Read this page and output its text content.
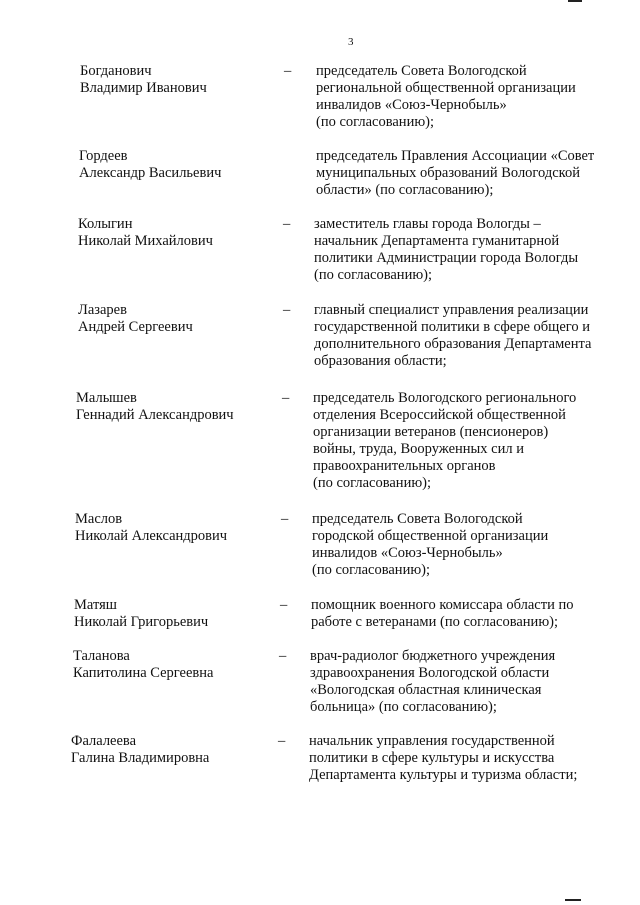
3
Богданович
Владимир Иванович
– председатель Совета Вологодской
региональной общественной организации
инвалидов «Союз-Чернобыль»
(по согласованию);
Гордеев
Александр Васильевич
председатель Правления Ассоциации «Совет
муниципальных образований Вологодской
области» (по согласованию);
Колыгин
Николай Михайлович
– заместитель главы города Вологды –
начальник Департамента гуманитарной
политики Администрации города Вологды
(по согласованию);
Лазарев
Андрей Сергеевич
– главный специалист управления реализации
государственной политики в сфере общего и
дополнительного образования Департамента
образования области;
Малышев
Геннадий Александрович
– председатель Вологодского регионального
отделения Всероссийской общественной
организации ветеранов (пенсионеров)
войны, труда, Вооруженных сил и
правоохранительных органов
(по согласованию);
Маслов
Николай Александрович
– председатель Совета Вологодской
городской общественной организации
инвалидов «Союз-Чернобыль»
(по согласованию);
Матяш
Николай Григорьевич
– помощник военного комиссара области по
работе с ветеранами (по согласованию);
Таланова
Капитолина Сергеевна
– врач-радиолог бюджетного учреждения
здравоохранения Вологодской области
«Вологодская областная клиническая
больница» (по согласованию);
Фалалеева
Галина Владимировна
– начальник управления государственной
политики в сфере культуры и искусства
Департамента культуры и туризма области;
